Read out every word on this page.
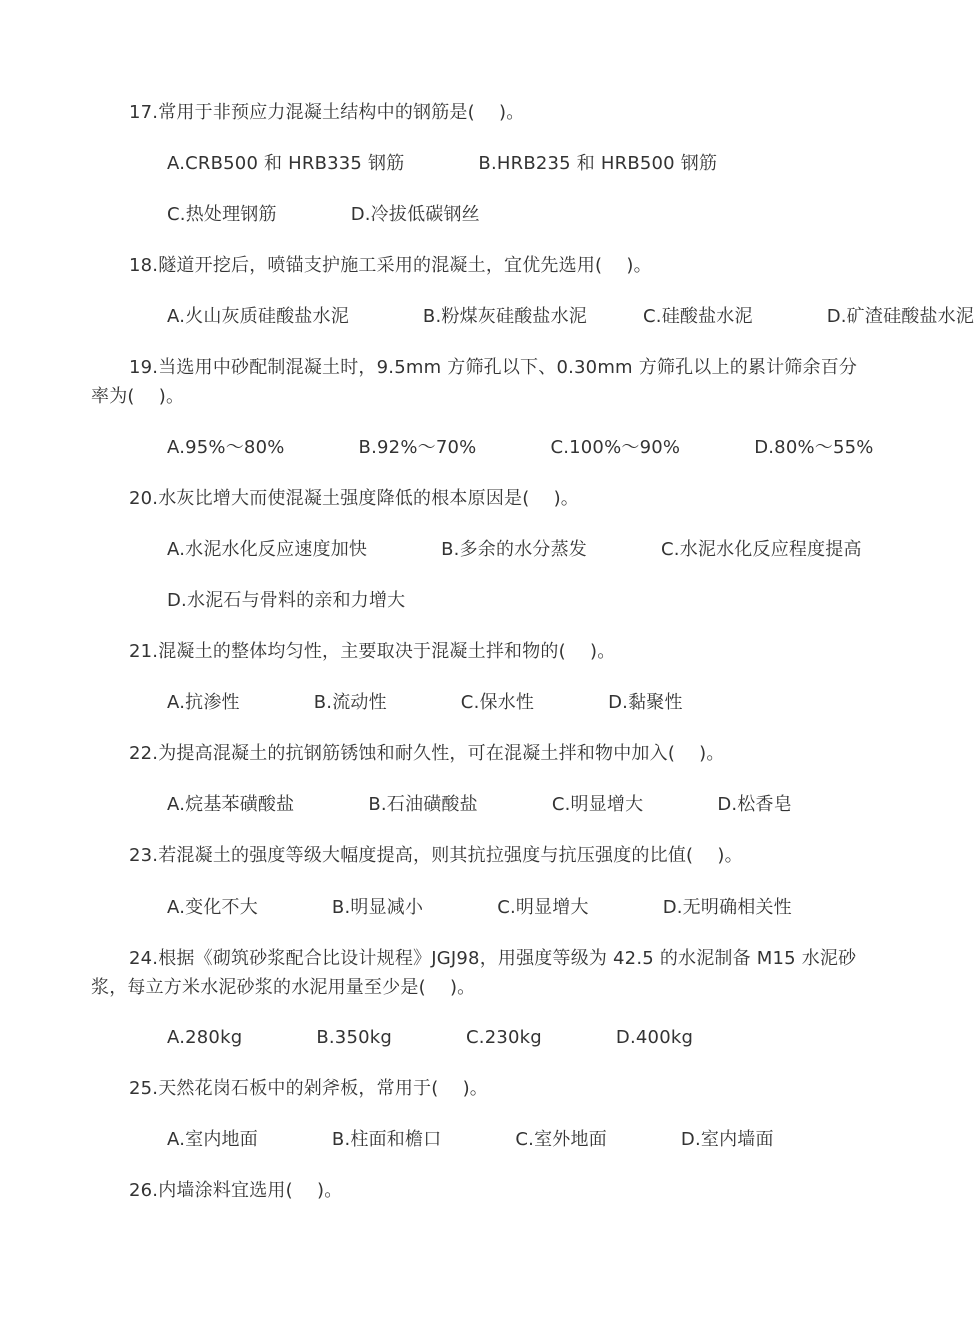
17.常用于非预应力混凝土结构中的钢筋是(　 )。
A.CRB500 和 HRB335 钢筋	B.HRB235 和 HRB500 钢筋
C.热处理钢筋	D.冷拔低碳钢丝
18.隧道开挖后，喷锚支护施工采用的混凝土，宜优先选用(　 )。
A.火山灰质硅酸盐水泥	B.粉煤灰硅酸盐水泥	C.硅酸盐水泥	D.矿渣硅酸盐水泥
19.当选用中砂配制混凝土时，9.5mm 方筛孔以下、0.30mm 方筛孔以上的累计筛余百分率为(　 )。
A.95%～80%	B.92%～70%	C.100%～90%	D.80%～55%
20.水灰比增大而使混凝土强度降低的根本原因是(　 )。
A.水泥水化反应速度加快	B.多余的水分蒸发	C.水泥水化反应程度提高
D.水泥石与骨料的亲和力增大
21.混凝土的整体均匀性，主要取决于混凝土拌和物的(　 )。
A.抗渗性	B.流动性	C.保水性	D.黏聚性
22.为提高混凝土的抗钢筋锈蚀和耐久性，可在混凝土拌和物中加入(　 )。
A.烷基苯磺酸盐	B.石油磺酸盐	C.明显增大	D.松香皂
23.若混凝土的强度等级大幅度提高，则其抗拉强度与抗压强度的比值(　 )。
A.变化不大	B.明显减小	C.明显增大	D.无明确相关性
24.根据《砌筑砂浆配合比设计规程》JGJ98，用强度等级为 42.5 的水泥制备 M15 水泥砂浆，每立方米水泥砂浆的水泥用量至少是(　 )。
A.280kg	B.350kg	C.230kg	D.400kg
25.天然花岗石板中的剁斧板，常用于(　 )。
A.室内地面	B.柱面和檐口	C.室外地面	D.室内墙面
26.内墙涂料宜选用(　 )。
